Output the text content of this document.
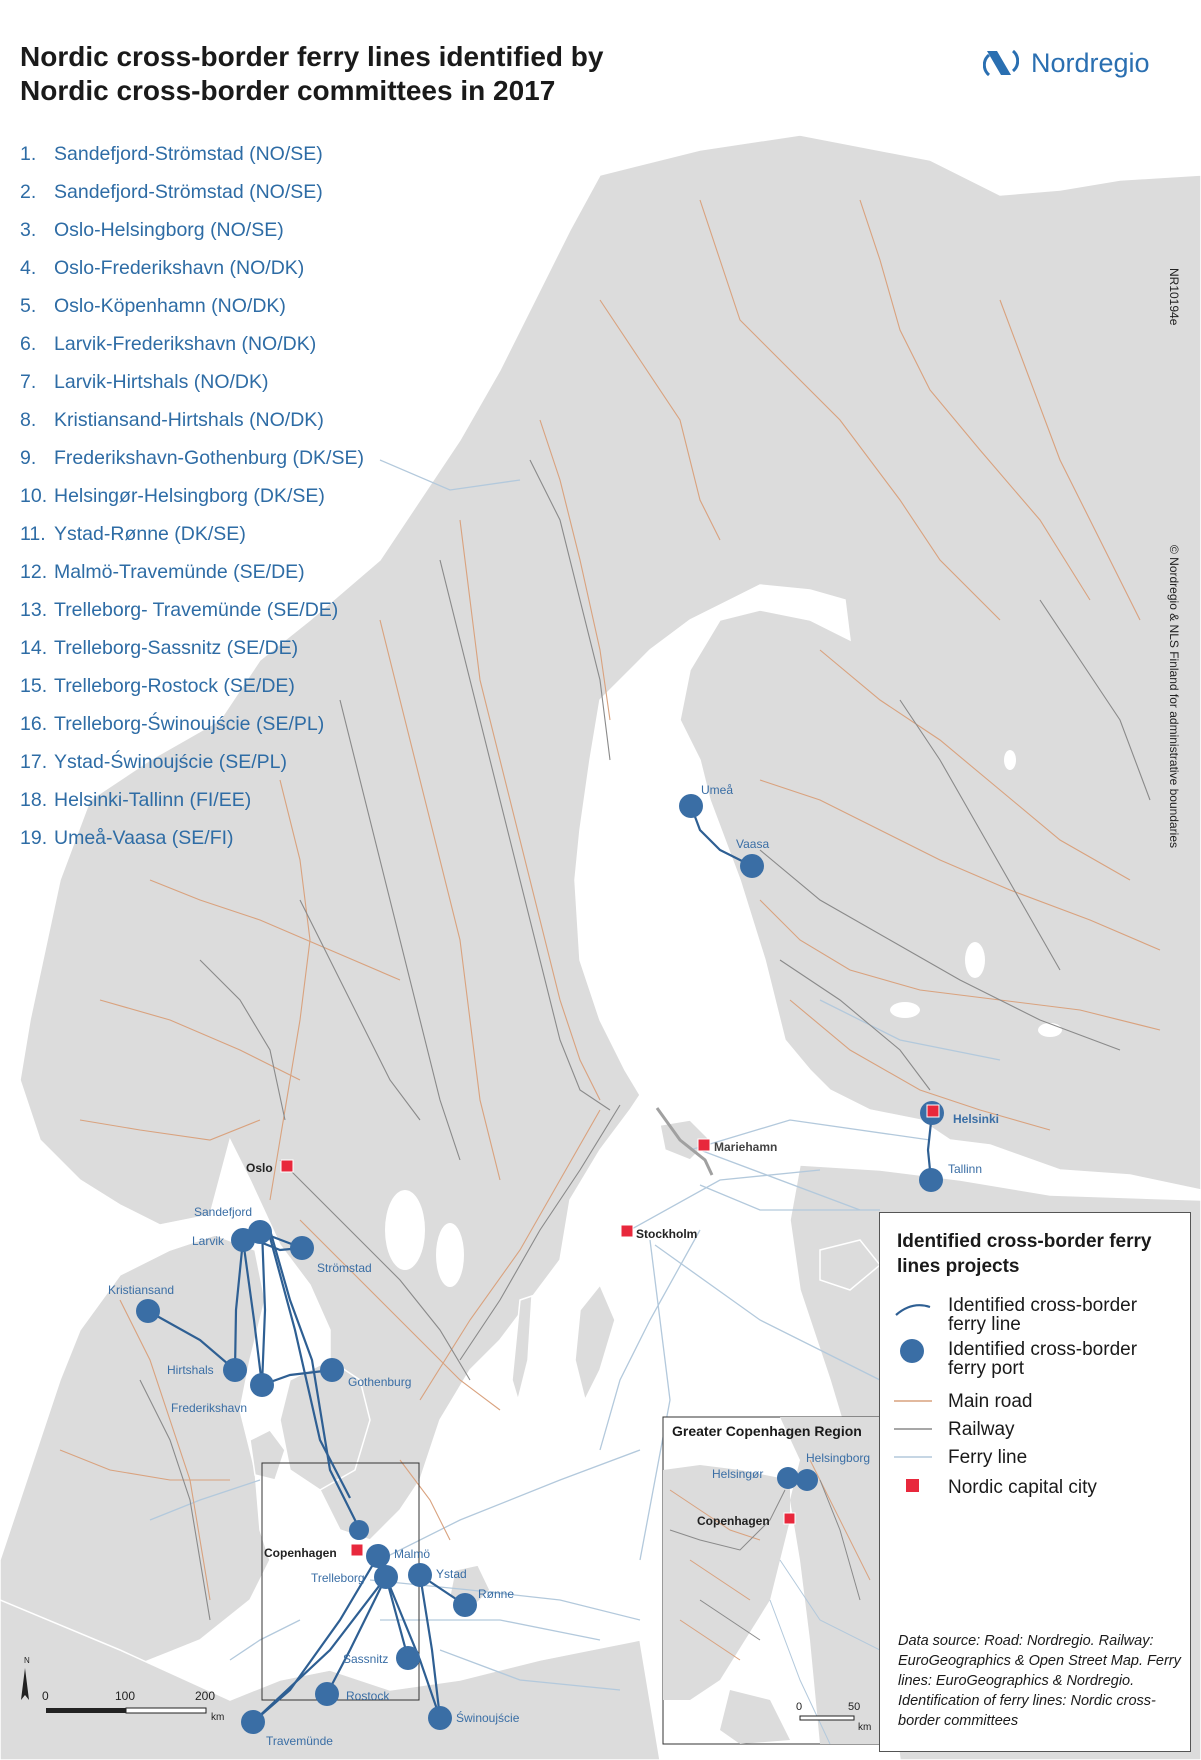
Umeå
Vaasa
Tallinn
Sandefjord
Larvik
Strömstad
Kristiansand
Hirtshals
Frederikshavn
Gothenburg
Malmö
Trelleborg	Ystad
Rønne
Sassnitz
Rostock
Travemünde
Świnoujście
Helsinki
Mariehamn
Oslo
Stockholm
Copenhagen
N
0	100	200
km
Helsingør
Helsingborg
Copenhagen
0	50
km
Nordic cross-border ferry lines identified by
Nordic cross-border committees in 2017
Nordregio
1. Sandefjord-Strömstad (NO/SE)
2. Sandefjord-Strömstad (NO/SE)
3. Oslo-Helsingborg (NO/SE)
4. Oslo-Frederikshavn (NO/DK)
5. Oslo-Köpenhamn (NO/DK)
6. Larvik-Frederikshavn (NO/DK)
7. Larvik-Hirtshals (NO/DK)
8. Kristiansand-Hirtshals (NO/DK)
9. Frederikshavn-Gothenburg (DK/SE)
10. Helsingør-Helsingborg (DK/SE)
11. Ystad-Rønne (DK/SE)
12. Malmö-Travemünde (SE/DE)
13. Trelleborg- Travemünde (SE/DE)
14. Trelleborg-Sassnitz (SE/DE)
15. Trelleborg-Rostock (SE/DE)
16. Trelleborg-Świnoujście (SE/PL)
17. Ystad-Świnoujście (SE/PL)
18. Helsinki-Tallinn (FI/EE)
19. Umeå-Vaasa (SE/FI)
NR10194e
© Nordregio & NLS Finland for administrative boundaries
Greater Copenhagen Region
Identified cross-border ferry lines projects
Identified cross-border ferry line
Identified cross-border ferry port
Main road
Railway
Ferry line
Nordic capital city
Data source: Road: Nordregio. Railway: EuroGeographics & Open Street Map. Ferry lines: EuroGeographics & Nordregio. Identification of ferry lines: Nordic cross-border committees
